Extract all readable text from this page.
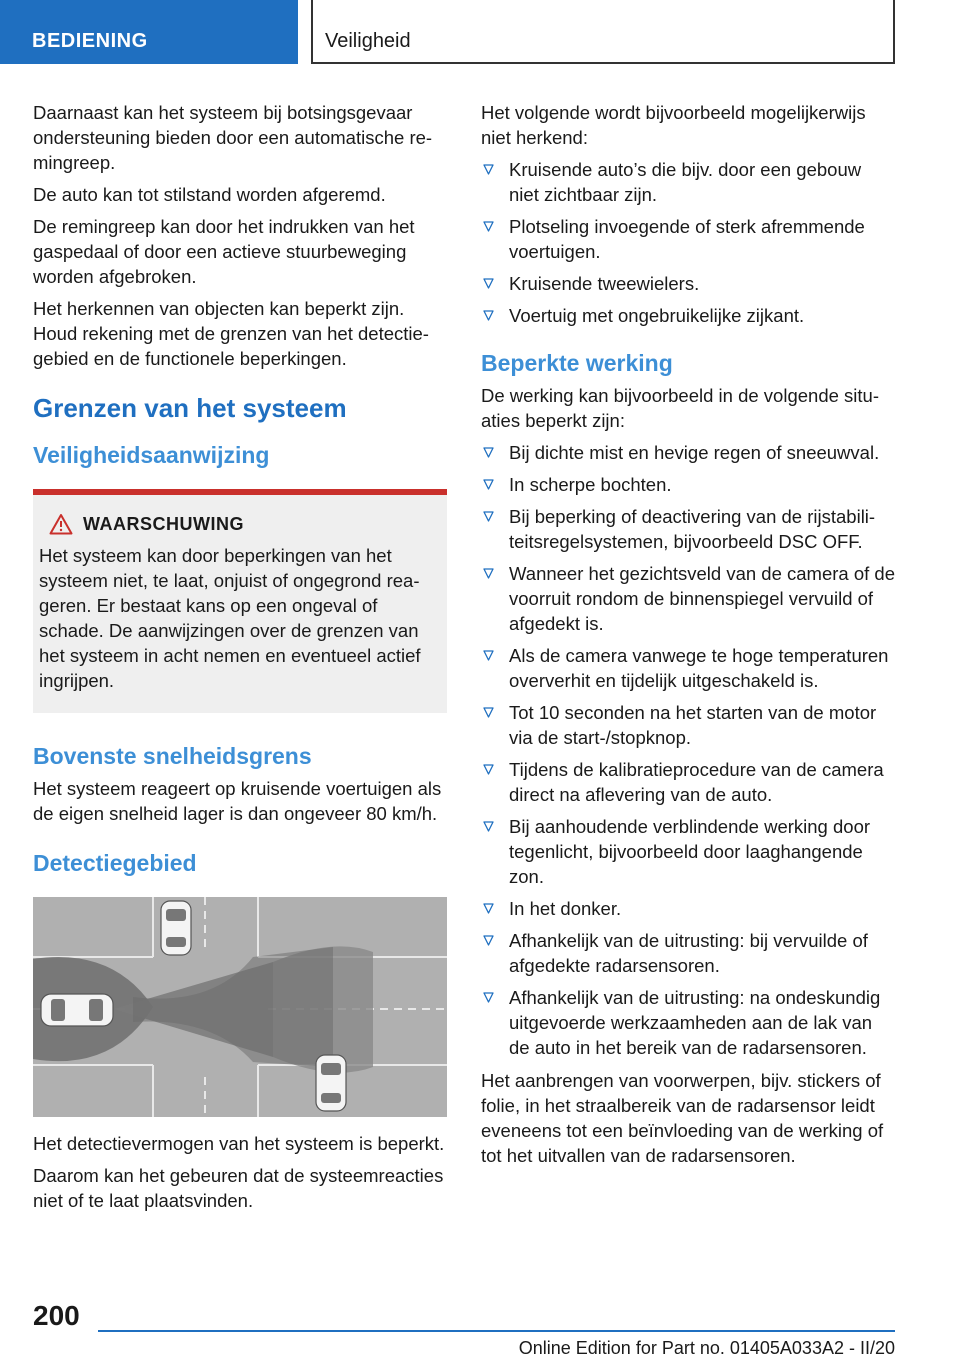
BEDIENING	Veiligheid

Daarnaast kan het systeem bij botsingsgevaar ondersteuning bieden door een automatische remingreep.

De auto kan tot stilstand worden afgeremd.

De remingreep kan door het indrukken van het gaspedaal of door een actieve stuurbeweging worden afgebroken.

Het herkennen van objecten kan beperkt zijn. Houd rekening met de grenzen van het detectiegebied en de functionele beperkingen.

Grenzen van het systeem
Veiligheidsaanwijzing
WAARSCHUWING
Het systeem kan door beperkingen van het systeem niet, te laat, onjuist of ongegrond reageren. Er bestaat kans op een ongeval of schade. De aanwijzingen over de grenzen van het systeem in acht nemen en eventueel actief ingrijpen.
Bovenste snelheidsgrens

Het systeem reageert op kruisende voertuigen als de eigen snelheid lager is dan ongeveer 80 km/h.

Detectiegebied

Het detectievermogen van het systeem is beperkt.

Daarom kan het gebeuren dat de systeemreacties niet of te laat plaatsvinden.

Het volgende wordt bijvoorbeeld mogelijkerwijs niet herkend:

Kruisende auto’s die bijv. door een gebouw niet zichtbaar zijn.
Plotseling invoegende of sterk afremmende voertuigen.
Kruisende tweewielers.
Voertuig met ongebruikelijke zijkant.
Beperkte werking

De werking kan bijvoorbeeld in de volgende situaties beperkt zijn:

Bij dichte mist en hevige regen of sneeuwval.
In scherpe bochten.
Bij beperking of deactivering van de rijstabiliteitsregelsystemen, bijvoorbeeld DSC OFF.
Wanneer het gezichtsveld van de camera of de voorruit rondom de binnenspiegel vervuild of afgedekt is.
Als de camera vanwege te hoge temperaturen oververhit en tijdelijk uitgeschakeld is.
Tot 10 seconden na het starten van de motor via de start-/stopknop.
Tijdens de kalibratieprocedure van de camera direct na aflevering van de auto.
Bij aanhoudende verblindende werking door tegenlicht, bijvoorbeeld door laaghangende zon.
In het donker.
Afhankelijk van de uitrusting: bij vervuilde of afgedekte radarsensoren.
Afhankelijk van de uitrusting: na ondeskundig uitgevoerde werkzaamheden aan de lak van de auto in het bereik van de radarsensoren.

Het aanbrengen van voorwerpen, bijv. stickers of folie, in het straalbereik van de radarsensor leidt eveneens tot een beïnvloeding van de werking of tot het uitvallen van de radarsensoren.

200
Online Edition for Part no. 01405A033A2 - II/20
